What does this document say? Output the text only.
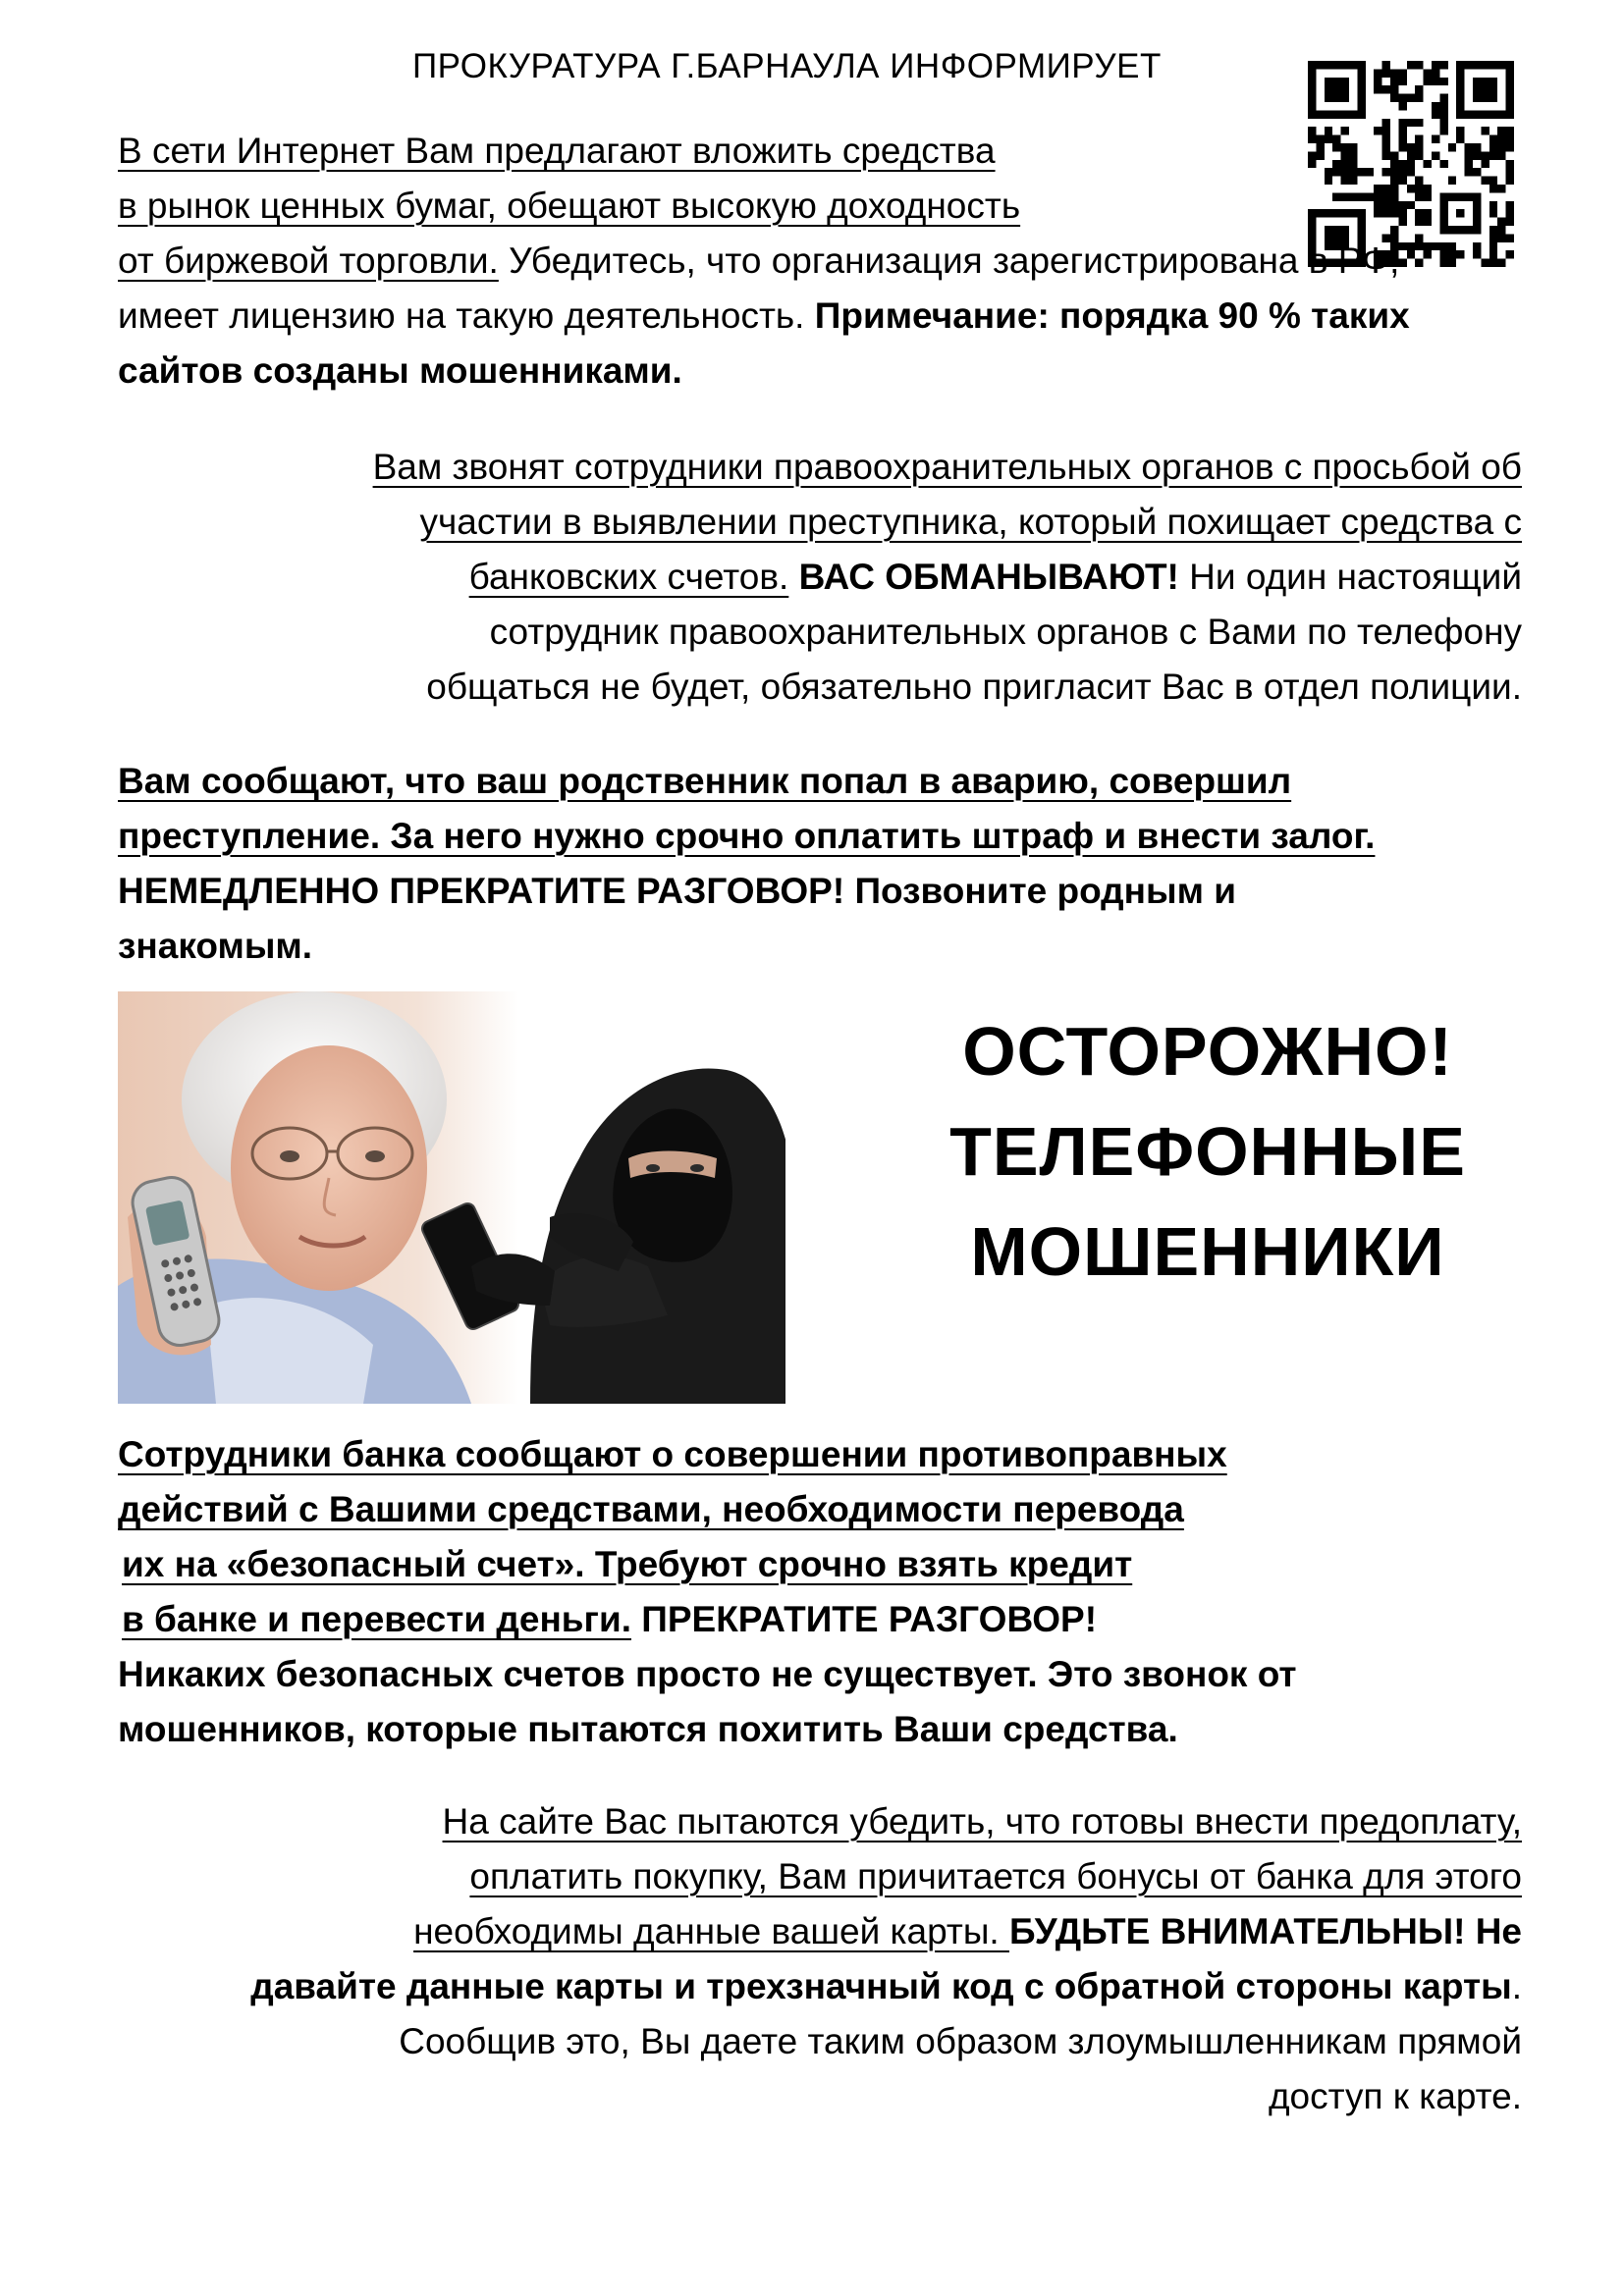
ПРОКУРАТУРА Г.БАРНАУЛА ИНФОРМИРУЕТ
В сети Интернет Вам предлагают вложить средства
в рынок ценных бумаг, обещают высокую доходность
от биржевой торговли. Убедитесь, что организация зарегистрирована в РФ,
имеет лицензию на такую деятельность. Примечание: порядка 90 % таких
сайтов созданы мошенниками.
Вам звонят сотрудники правоохранительных органов с просьбой об
участии в выявлении преступника, который похищает средства с
банковских счетов. ВАС ОБМАНЫВАЮТ! Ни один настоящий
сотрудник правоохранительных органов с Вами по телефону
общаться не будет, обязательно пригласит Вас в отдел полиции.
Вам сообщают, что ваш родственник попал в аварию, совершил
преступление. За него нужно срочно оплатить штраф и внести залог.
НЕМЕДЛЕННО ПРЕКРАТИТЕ РАЗГОВОР! Позвоните родным и
знакомым.
ОСТОРОЖНО!
ТЕЛЕФОННЫЕ
МОШЕННИКИ
Сотрудники банка сообщают о совершении противоправных
действий с Вашими средствами, необходимости перевода
их на «безопасный счет». Требуют срочно взять кредит
в банке и перевести деньги. ПРЕКРАТИТЕ РАЗГОВОР!
Никаких безопасных счетов просто не существует. Это звонок от
мошенников, которые пытаются похитить Ваши средства.
На сайте Вас пытаются убедить, что готовы внести предоплату,
оплатить покупку, Вам причитается бонусы от банка для этого
необходимы данные вашей карты. БУДЬТЕ ВНИМАТЕЛЬНЫ! Не
давайте данные карты и трехзначный код с обратной стороны карты.
Сообщив это, Вы даете таким образом злоумышленникам прямой
доступ к карте.
